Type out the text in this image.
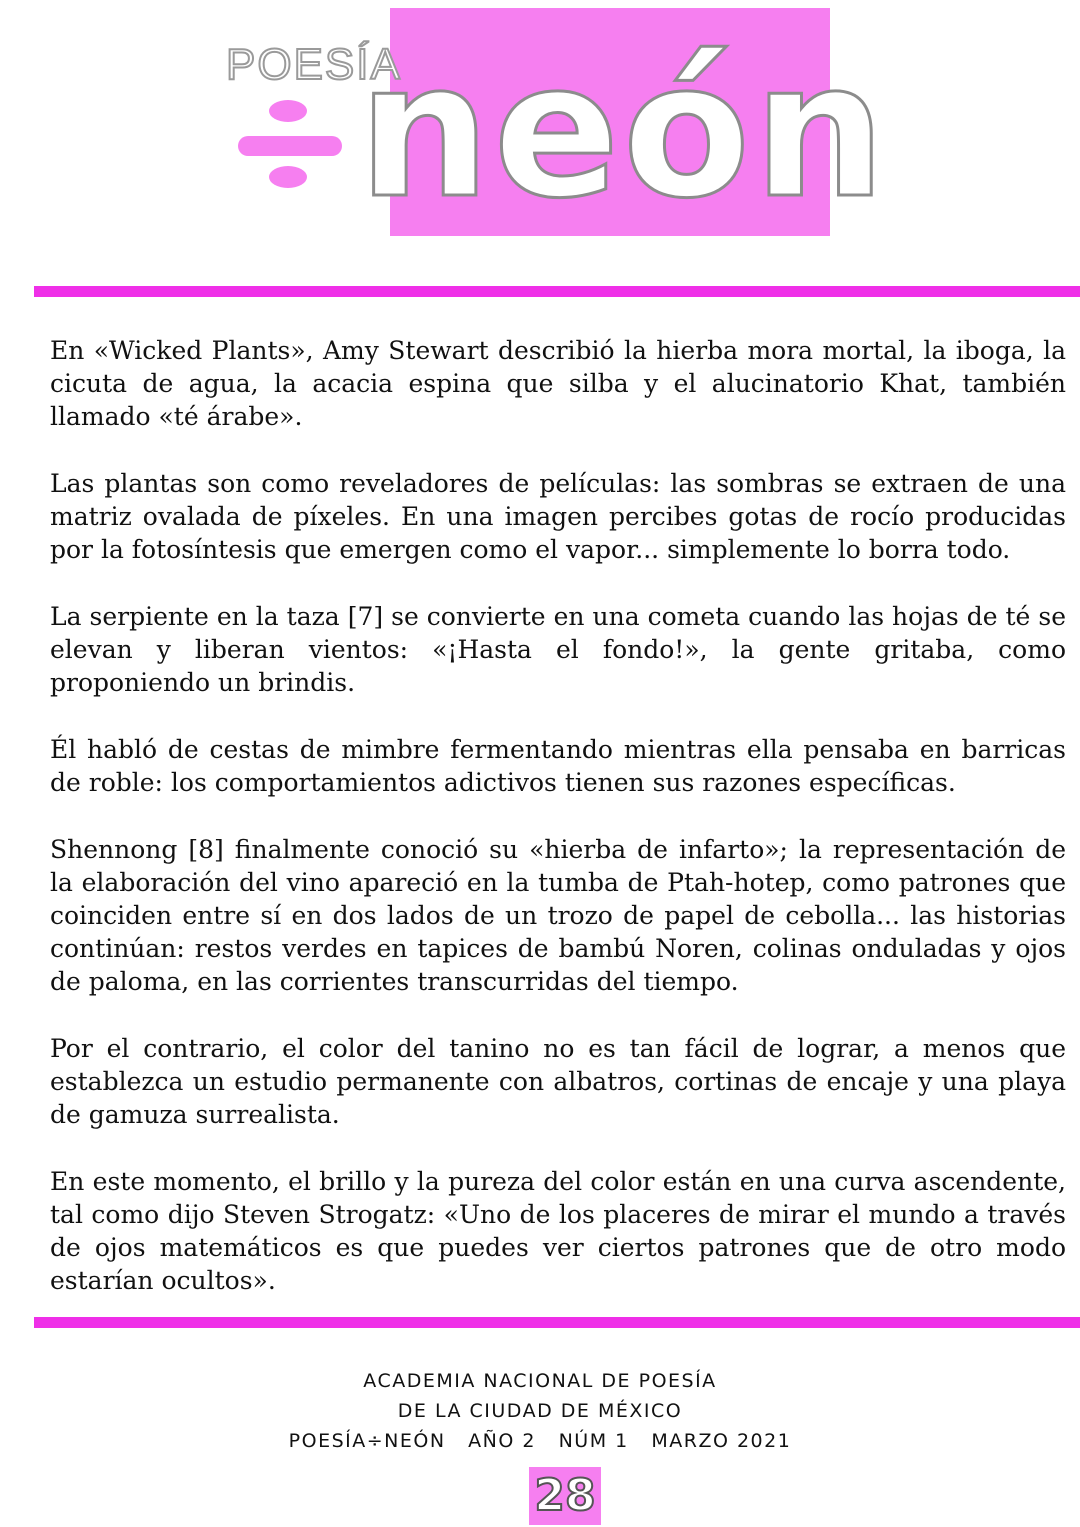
POESÍA
neón

En «Wicked Plants», Amy Stewart describió la hierba mora mortal, la iboga, la cicuta de agua, la acacia espina que silba y el alucinatorio Khat, también llamado «té árabe».

Las plantas son como reveladores de películas: las sombras se extraen de una matriz ovalada de píxeles. En una imagen percibes gotas de rocío producidas por la fotosíntesis que emergen como el vapor... simplemente lo borra todo.

La serpiente en la taza [7] se convierte en una cometa cuando las hojas de té se elevan y liberan vientos: «¡Hasta el fondo!», la gente gritaba, como proponiendo un brindis.

Él habló de cestas de mimbre fermentando mientras ella pensaba en barricas de roble: los comportamientos adictivos tienen sus razones específicas.

Shennong [8] finalmente conoció su «hierba de infarto»; la representación de la elaboración del vino apareció en la tumba de Ptah-hotep, como patrones que coinciden entre sí en dos lados de un trozo de papel de cebolla... las historias continúan: restos verdes en tapices de bambú Noren, colinas onduladas y ojos de paloma, en las corrientes transcurridas del tiempo.

Por el contrario, el color del tanino no es tan fácil de lograr, a menos que establezca un estudio permanente con albatros, cortinas de encaje y una playa de gamuza surrealista.

En este momento, el brillo y la pureza del color están en una curva ascendente, tal como dijo Steven Strogatz: «Uno de los placeres de mirar el mundo a través de ojos matemáticos es que puedes ver ciertos patrones que de otro modo estarían ocultos».

ACADEMIA NACIONAL DE POESÍA
DE LA CIUDAD DE MÉXICO
POESÍA÷NEÓN   AÑO 2   NÚM 1   MARZO 2021
28
